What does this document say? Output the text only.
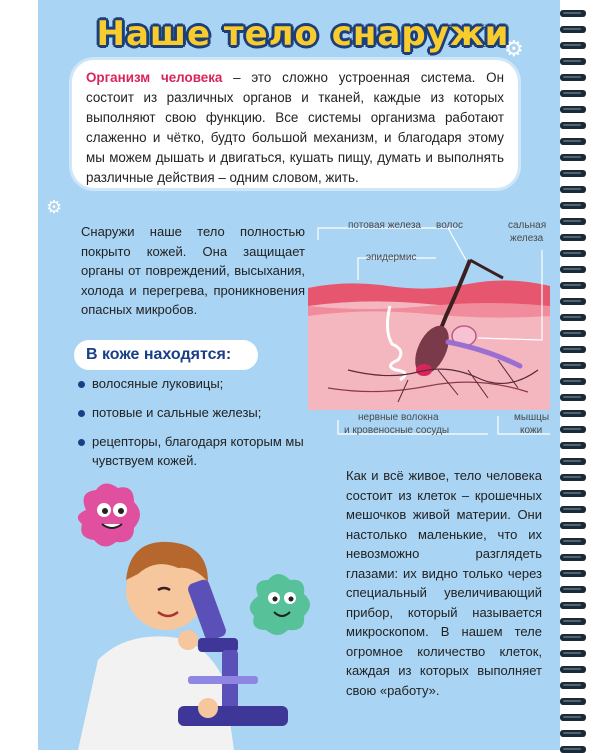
Наше тело снаружи
⚙
⚙

Организм человека – это сложно устроенная система. Он состоит из различных органов и тканей, каждые из которых выполняют свою функцию. Все системы организма работают слаженно и чётко, будто большой механизм, и благодаря этому мы можем дышать и двигаться, кушать пищу, думать и выполнять различные действия – одним словом, жить.

Снаружи наше тело полностью покрыто кожей. Она защищает органы от повреждений, высыхания, холода и перегрева, проникновения опасных микробов.

В коже находятся:
волосяные луковицы;
потовые и сальные железы;
рецепторы, благодаря которым мы чувствуем кожей.
потовая железа волос	сальная
железа
эпидермис
нервные волокна
и кровеносные сосуды
мышцы
кожи

Как и всё живое, тело человека состоит из клеток – крошечных мешочков живой материи. Они настолько маленькие, что их невозможно разглядеть глазами: их видно только через специальный увеличивающий прибор, который называется микроскопом. В нашем теле огромное количество клеток, каждая из которых выполняет свою «работу».
